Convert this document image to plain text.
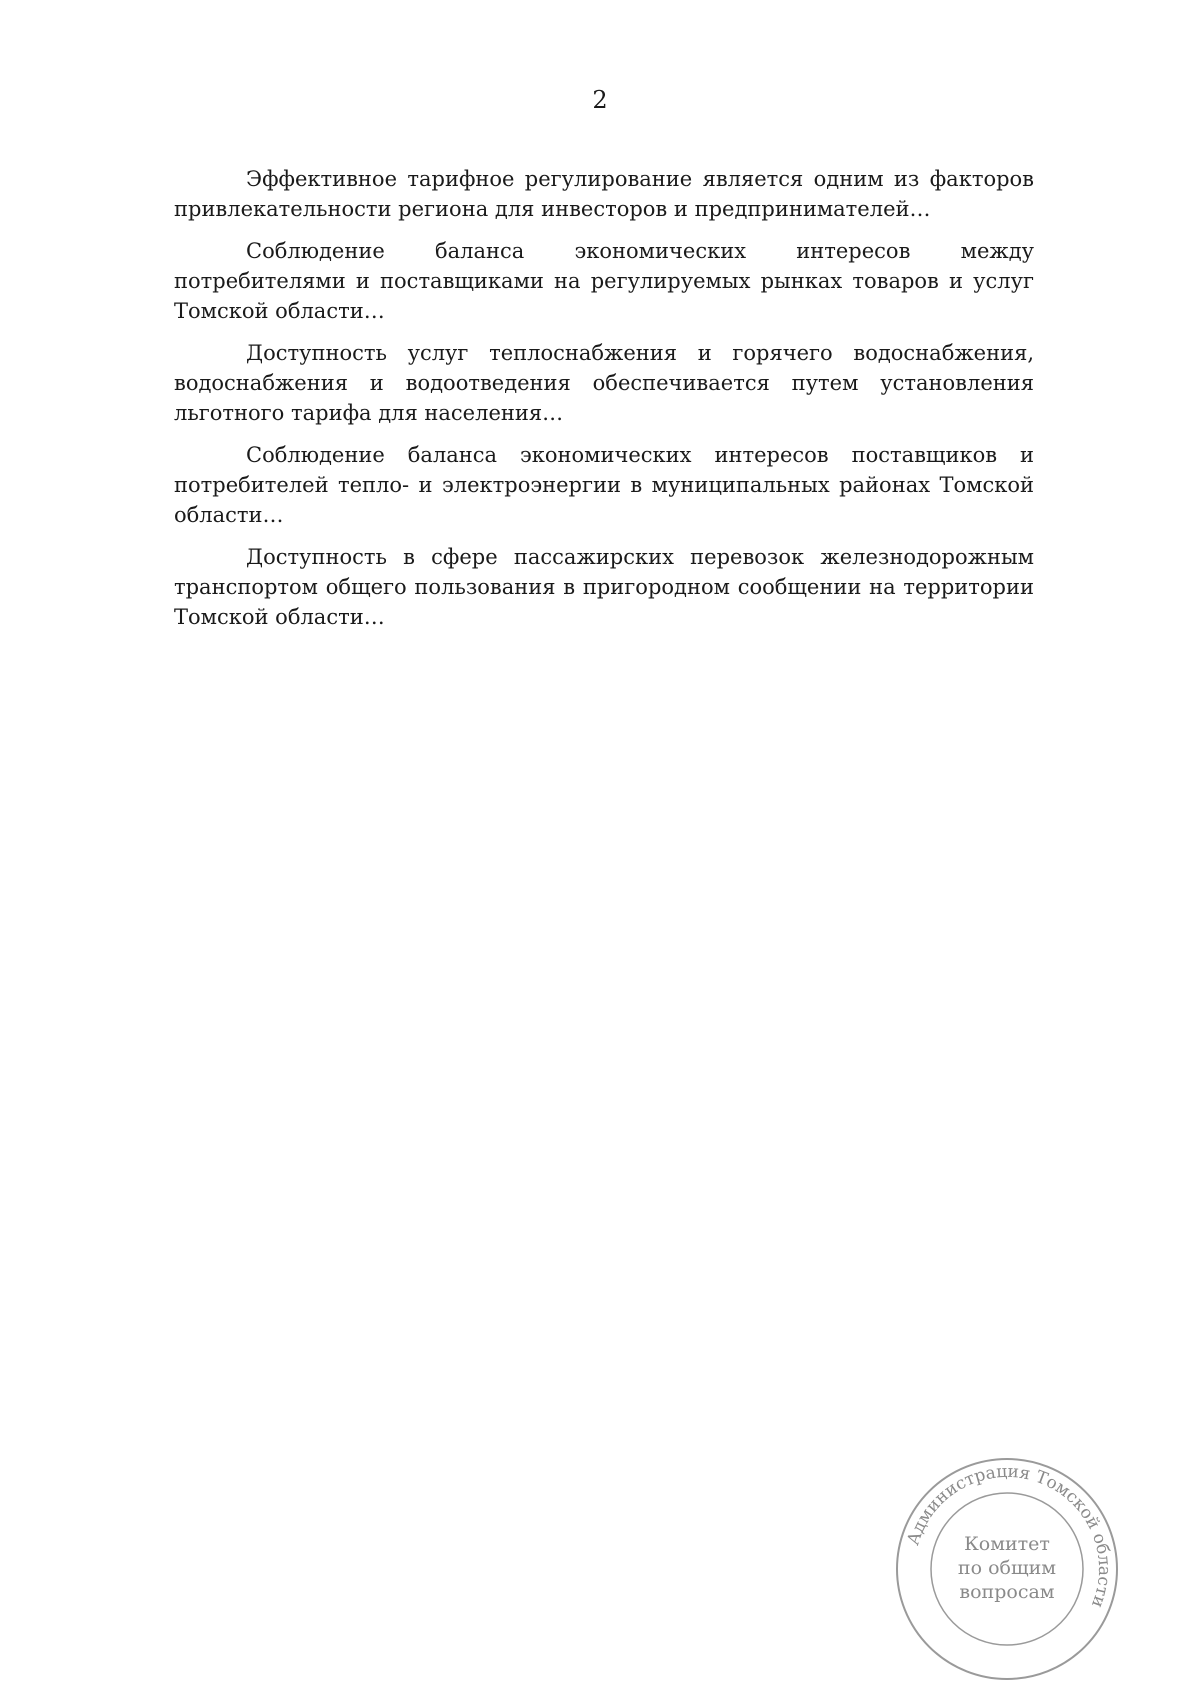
2

Эффективное тарифное регулирование является одним из факторов привлекательности региона для инвесторов и предпринимателей…

Соблюдение баланса экономических интересов между потребителями и поставщиками на регулируемых рынках товаров и услуг Томской области…

Доступность услуг теплоснабжения и горячего водоснабжения, водоснабжения и водоотведения обеспечивается путем установления льготного тарифа для населения…

Соблюдение баланса экономических интересов поставщиков и потребителей тепло- и электроэнергии в муниципальных районах Томской области…

Доступность в сфере пассажирских перевозок железнодорожным транспортом общего пользования в пригородном сообщении на территории Томской области…

Администрация Томской области
Комитет
по общим
вопросам
